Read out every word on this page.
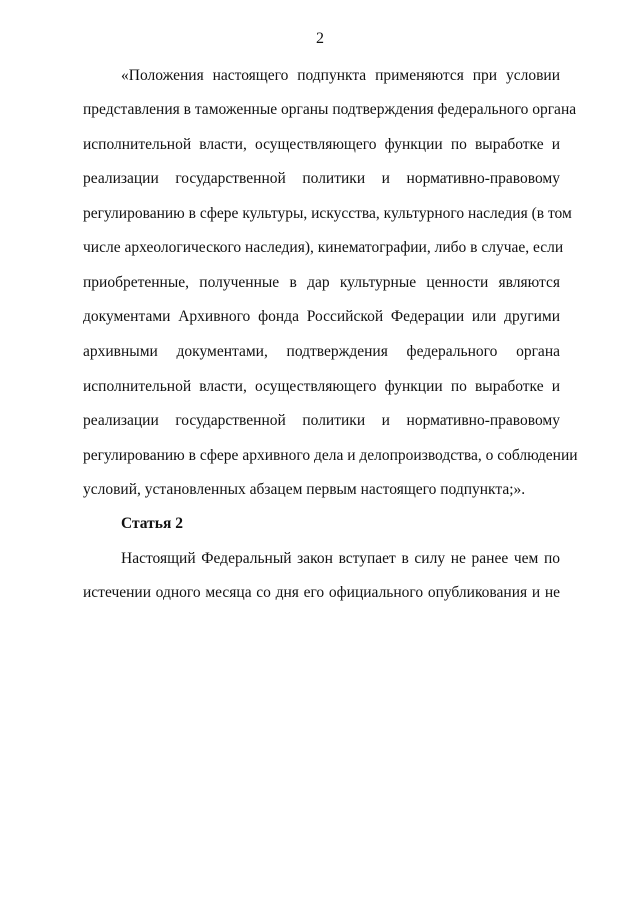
2
«Положения настоящего подпункта применяются при условии
представления в таможенные органы подтверждения федерального органа
исполнительной власти, осуществляющего функции по выработке и
реализации государственной политики и нормативно-правовому
регулированию в сфере культуры, искусства, культурного наследия (в том
числе археологического наследия), кинематографии, либо в случае, если
приобретенные, полученные в дар культурные ценности являются
документами Архивного фонда Российской Федерации или другими
архивными документами, подтверждения федерального органа
исполнительной власти, осуществляющего функции по выработке и
реализации государственной политики и нормативно-правовому
регулированию в сфере архивного дела и делопроизводства, о соблюдении
условий, установленных абзацем первым настоящего подпункта;».
Статья 2
Настоящий Федеральный закон вступает в силу не ранее чем по
истечении одного месяца со дня его официального опубликования и не
